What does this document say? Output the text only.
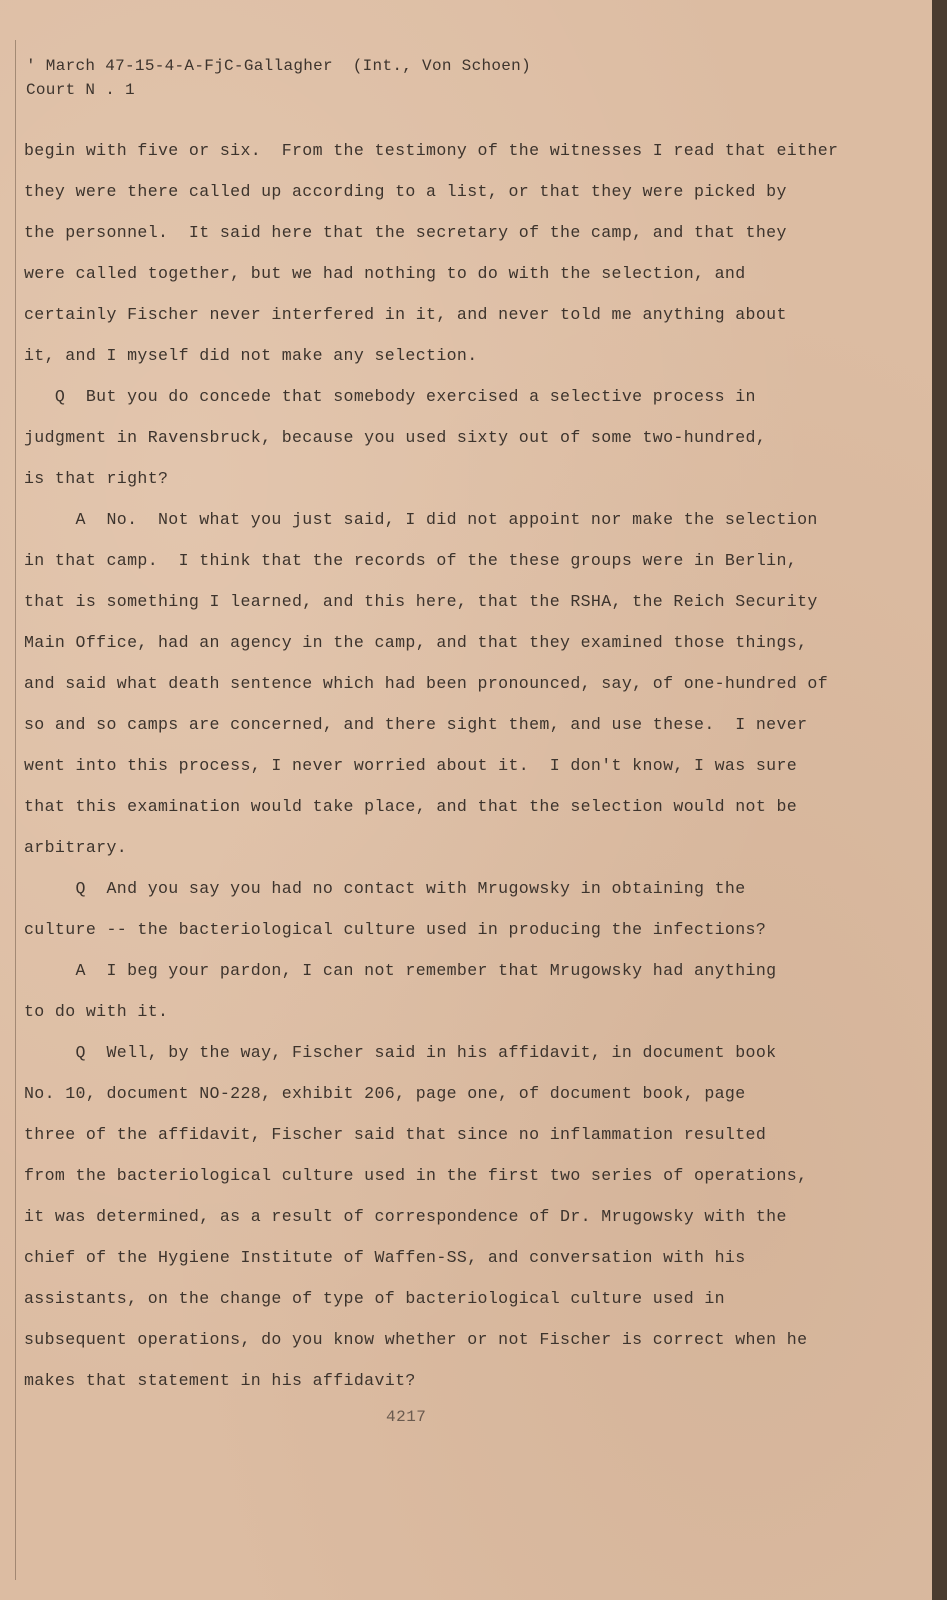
' March 47-15-4-A-FjC-Gallagher  (Int., Von Schoen)
Court N . 1
begin with five or six.  From the testimony of the witnesses I read that either
they were there called up according to a list, or that they were picked by
the personnel.  It said here that the secretary of the camp, and that they
were called together, but we had nothing to do with the selection, and
certainly Fischer never interfered in it, and never told me anything about
it, and I myself did not make any selection.
Q  But you do concede that somebody exercised a selective process in
judgment in Ravensbruck, because you used sixty out of some two-hundred,
is that right?
A  No.  Not what you just said, I did not appoint nor make the selection
in that camp.  I think that the records of the these groups were in Berlin,
that is something I learned, and this here, that the RSHA, the Reich Security
Main Office, had an agency in the camp, and that they examined those things,
and said what death sentence which had been pronounced, say, of one-hundred of
so and so camps are concerned, and there sight them, and use these.  I never
went into this process, I never worried about it.  I don't know, I was sure
that this examination would take place, and that the selection would not be
arbitrary.
Q  And you say you had no contact with Mrugowsky in obtaining the
culture -- the bacteriological culture used in producing the infections?
A  I beg your pardon, I can not remember that Mrugowsky had anything
to do with it.
Q  Well, by the way, Fischer said in his affidavit, in document book
No. 10, document NO-228, exhibit 206, page one, of document book, page
three of the affidavit, Fischer said that since no inflammation resulted
from the bacteriological culture used in the first two series of operations,
it was determined, as a result of correspondence of Dr. Mrugowsky with the
chief of the Hygiene Institute of Waffen-SS, and conversation with his
assistants, on the change of type of bacteriological culture used in
subsequent operations, do you know whether or not Fischer is correct when he
makes that statement in his affidavit?
4217
